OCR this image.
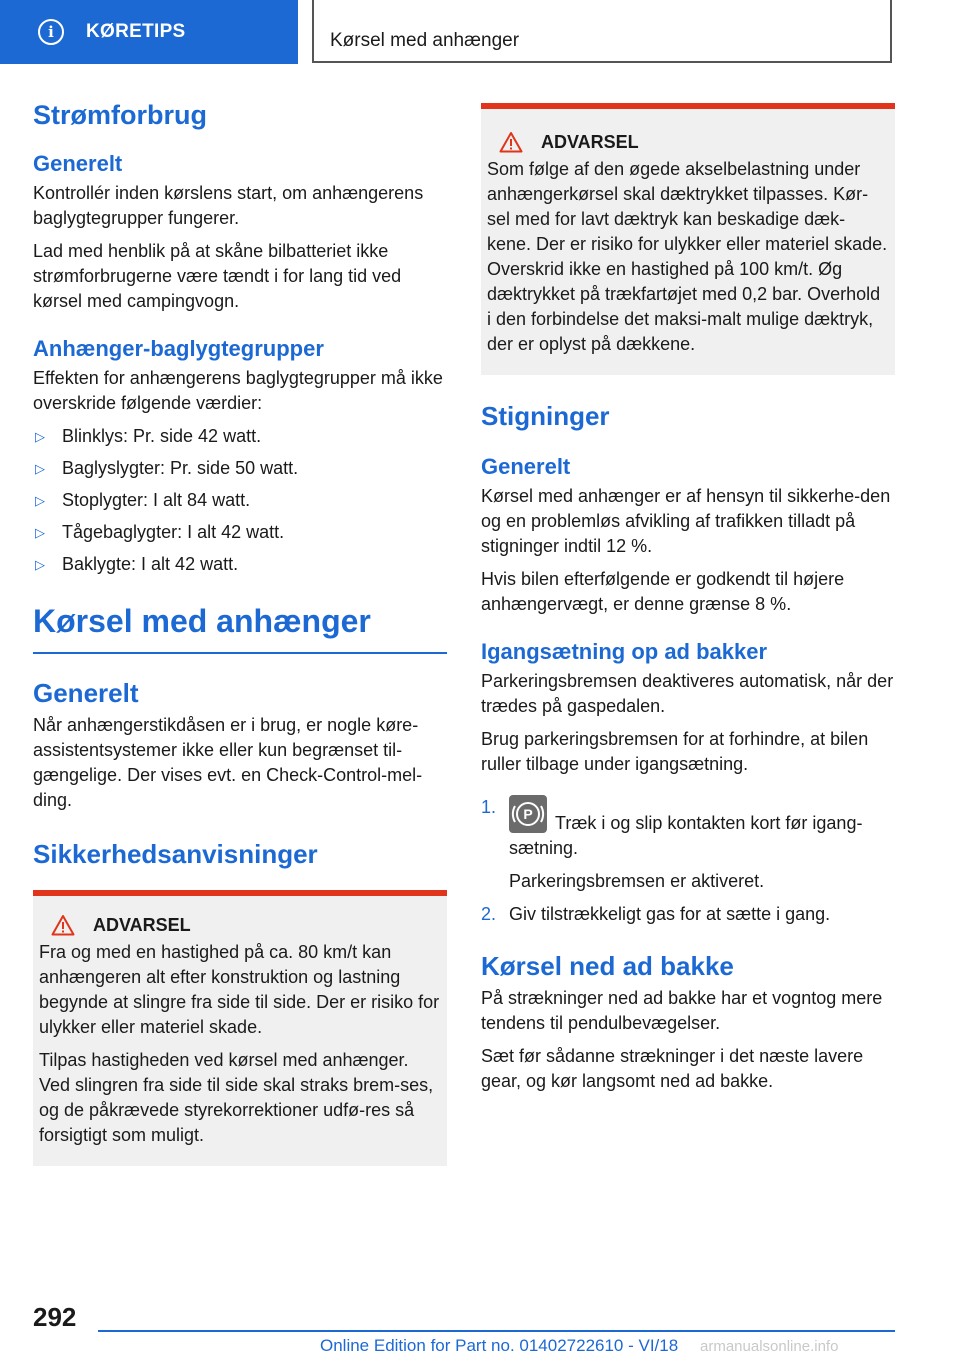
i	KØRETIPS	Kørsel med anhænger
Strømforbrug
Generelt

Kontrollér inden kørslens start, om anhængerens baglygtegrupper fungerer.

Lad med henblik på at skåne bilbatteriet ikke strømforbrugerne være tændt i for lang tid ved kørsel med campingvogn.

Anhænger-baglygtegrupper

Effekten for anhængerens baglygtegrupper må ikke overskride følgende værdier:

▷ Blinklys: Pr. side 42 watt.
▷ Baglyslygter: Pr. side 50 watt.
▷ Stoplygter: I alt 84 watt.
▷ Tågebaglygter: I alt 42 watt.
▷ Baklygte: I alt 42 watt.
Kørsel med anhænger
Generelt

Når anhængerstikdåsen er i brug, er nogle køre-assistentsystemer ikke eller kun begrænset til-gængelige. Der vises evt. en Check-Control-mel-ding.

Sikkerhedsanvisninger
ADVARSEL

Fra og med en hastighed på ca. 80 km/t kan anhængeren alt efter konstruktion og lastning begynde at slingre fra side til side. Der er risiko for ulykker eller materiel skade.

Tilpas hastigheden ved kørsel med anhænger. Ved slingren fra side til side skal straks brem-ses, og de påkrævede styrekorrektioner udfø-res så forsigtigt som muligt.

ADVARSEL

Som følge af den øgede akselbelastning under anhængerkørsel skal dæktrykket tilpasses. Kør-sel med for lavt dæktryk kan beskadige dæk-kene. Der er risiko for ulykker eller materiel skade. Overskrid ikke en hastighed på 100 km/t. Øg dæktrykket på trækfartøjet med 0,2 bar. Overhold i den forbindelse det maksi-malt mulige dæktryk, der er oplyst på dækkene.

Stigninger
Generelt

Kørsel med anhænger er af hensyn til sikkerhe-den og en problemløs afvikling af trafikken tilladt på stigninger indtil 12 %.

Hvis bilen efterfølgende er godkendt til højere anhængervægt, er denne grænse 8 %.

Igangsætning op ad bakker

Parkeringsbremsen deaktiveres automatisk, når der trædes på gaspedalen.

Brug parkeringsbremsen for at forhindre, at bilen ruller tilbage under igangsætning.

1. P Træk i og slip kontakten kort før igang-sætning.

Parkeringsbremsen er aktiveret.

2. Giv tilstrækkeligt gas for at sætte i gang.
Kørsel ned ad bakke

På strækninger ned ad bakke har et vogntog mere tendens til pendulbevægelser.

Sæt før sådanne strækninger i det næste lavere gear, og kør langsomt ned ad bakke.

292
Online Edition for Part no. 01402722610 - VI/18 armanualsonline.info
